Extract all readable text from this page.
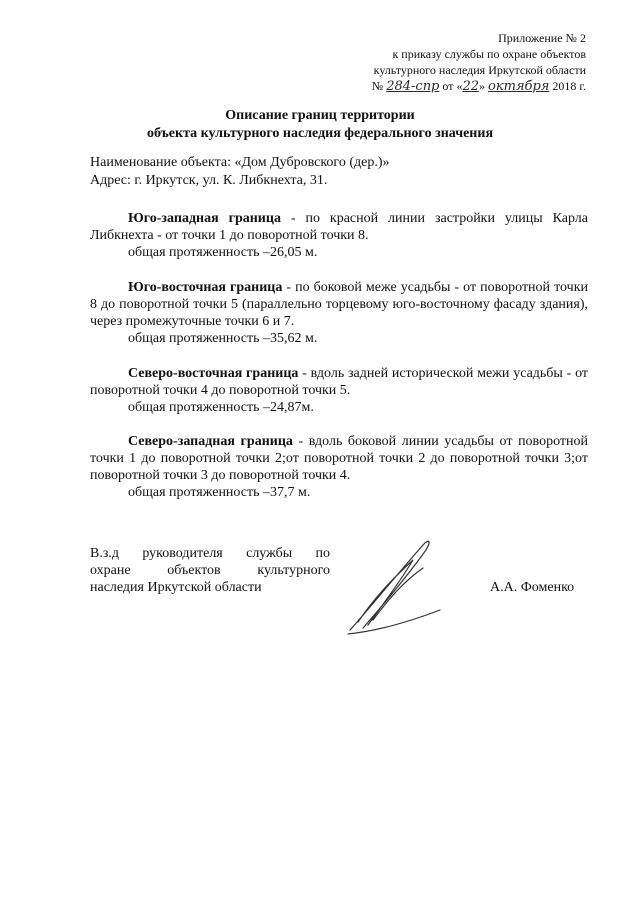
Приложение № 2
к приказу службы по охране объектов
культурного наследия Иркутской области
№ 284-спр от «22» октября 2018 г.
Описание границ территории
объекта культурного наследия федерального значения
Наименование объекта: «Дом Дубровского (дер.)»
Адрес: г. Иркутск, ул. К. Либкнехта, 31.

Юго-западная граница - по красной линии застройки улицы Карла Либкнехта - от точки 1 до поворотной точки 8.

общая протяженность –26,05 м.

Юго-восточная граница - по боковой меже усадьбы - от поворотной точки 8 до поворотной точки 5 (параллельно торцевому юго-восточному фасаду здания), через промежуточные точки 6 и 7.

общая протяженность –35,62 м.

Северо-восточная граница - вдоль задней исторической межи усадьбы - от поворотной точки 4 до поворотной точки 5.

общая протяженность –24,87м.

Северо-западная граница - вдоль боковой линии усадьбы от поворотной точки 1 до поворотной точки 2;от поворотной точки 2 до поворотной точки 3;от поворотной точки 3 до поворотной точки 4.

общая протяженность –37,7 м.

В.з.д руководителя службы по
охране объектов культурного
наследия Иркутской области	А.А. Фоменко
